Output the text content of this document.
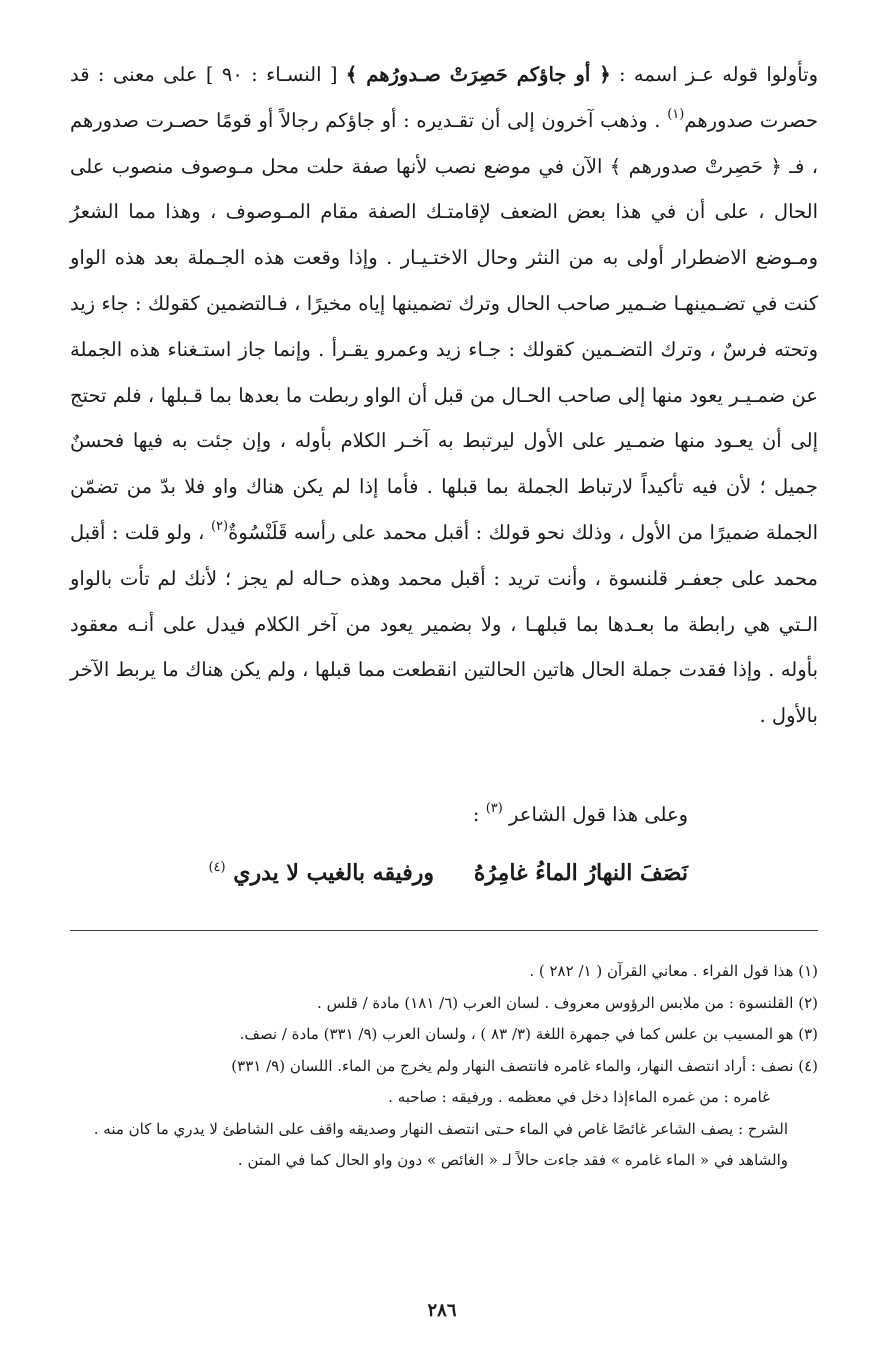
وتأولوا قوله عـز اسمه : ﴿ أو جاؤكم حَصِرَتْ صـدورُهم ﴾ [ النسـاء : ٩٠ ] على معنى : قد حصرت صدورهم$^{(١)}$ . وذهب آخرون إلى أن تقـديره : أو جاؤكم رجالاً أو قومًا حصـرت صدورهم ، فـ ﴿ حَصِرتْ صدورهم ﴾ الآن في موضع نصب لأنها صفة حلت محل مـوصوف منصوب على الحال ، على أن في هذا بعض الضعف لإقامتـك الصفة مقام المـوصوف ، وهذا مما الشعرُ ومـوضع الاضطرار أولى به من النثر وحال الاختـيـار . وإذا وقعت هذه الجـملة بعد هذه الواو كنت في تضـمينهـا ضـمير صاحب الحال وترك تضمينها إياه مخيرًا ، فـالتضمين كقولك : جاء زيد وتحته فرسٌ ، وترك التضـمين كقولك : جـاء زيد وعمرو يقـرأ . وإنما جاز استـغناء هذه الجملة عن ضمـيـر يعود منها إلى صاحب الحـال من قبل أن الواو ربطت ما بعدها بما قـبلها ، فلم تحتج إلى أن يعـود منها ضمـير على الأول ليرتبط به آخـر الكلام بأوله ، وإن جئت به فيها فحسنٌ جميل ؛ لأن فيه تأكيداً لارتباط الجملة بما قبلها . فأما إذا لم يكن هناك واو فلا بدّ من تضمّن الجملة ضميرًا من الأول ، وذلك نحو قولك : أقبل محمد على رأسه قَلَنْسُوةٌ$^{(٢)}$ ، ولو قلت : أقبل محمد على جعفـر قلنسوة ، وأنت تريد : أقبل محمد وهذه حـاله لم يجز ؛ لأنك لم تأت بالواو الـتي هي رابطة ما بعـدها بما قبلهـا ، ولا بضمير يعود من آخر الكلام فيدل على أنـه معقود بأوله . وإذا فقدت جملة الحال هاتين الحالتين انقطعت مما قبلها ، ولم يكن هناك ما يربط الآخر بالأول .

وعلى هذا قول الشاعر $^{(٣)}$ :
نَصَفَ النهارُ الماءُ غامِرُهُ
ورفيقه بالغيب لا يدري $^{(٤)}$
(١) هذا قول الفراء . معاني القرآن ( ١/ ٢٨٢ ) .
(٢) القلنسوة : من ملابس الرؤوس معروف . لسان العرب (٦/ ١٨١) مادة / قلس .
(٣) هو المسيب بن علس كما في جمهرة اللغة (٣/ ٨٣ ) ، ولسان العرب (٩/ ٣٣١) مادة / نصف.
(٤) نصف : أراد انتصف النهار، والماء غامره فانتصف النهار ولم يخرج من الماء. اللسان (٩/ ٣٣١)
غامره : من غمره الماءإذا دخل في معظمه . ورفيقه : صاحبه .
الشرح : يصف الشاعر غائصًا غاص في الماء حـتى انتصف النهار وصديقه واقف على الشاطئ لا يدري ما كان منه .
والشاهد في « الماء غامره » فقد جاءت حالاً لـ « الغائص » دون واو الحال كما في المتن .
٢٨٦
